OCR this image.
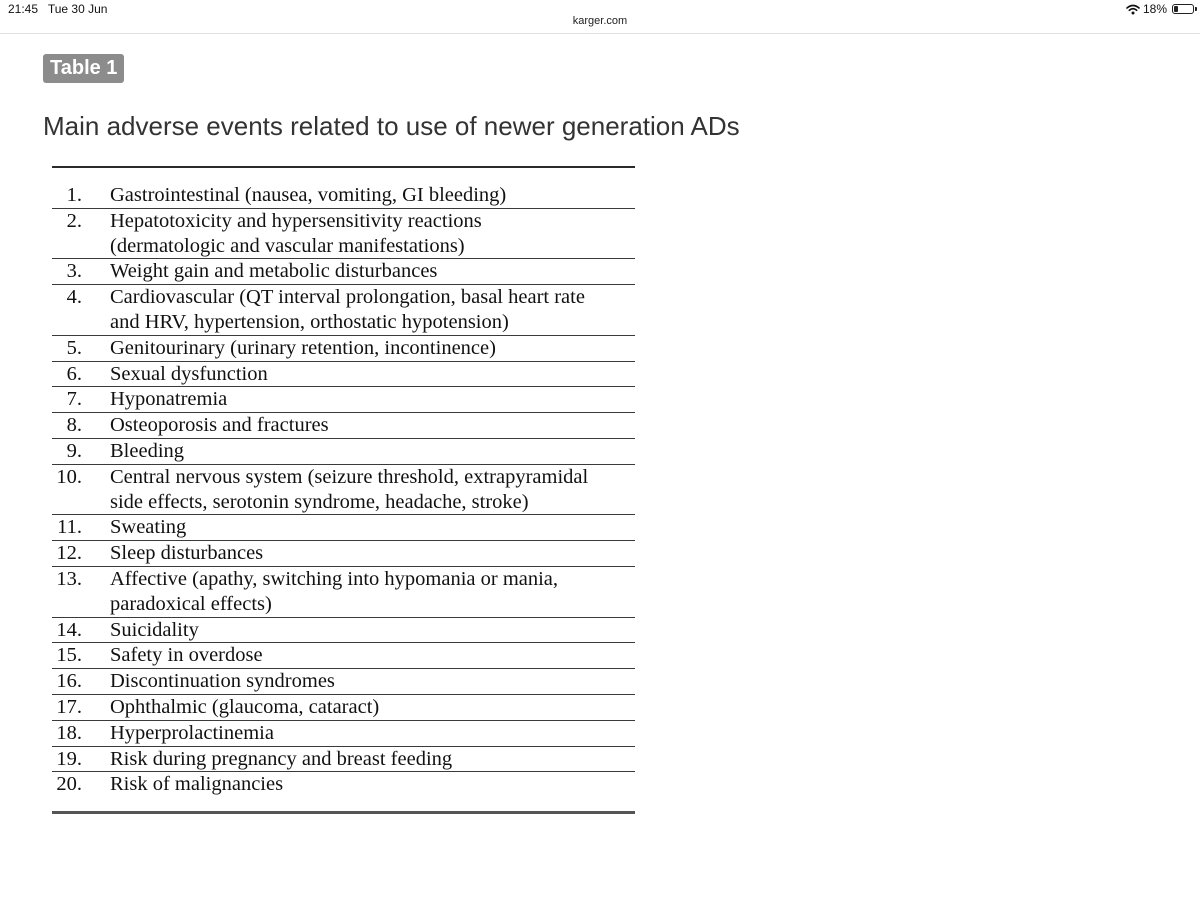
21:45 Tue 30 Jun	18%
karger.com
Table 1
Main adverse events related to use of newer generation ADs
1.	Gastrointestinal (nausea, vomiting, GI bleeding)

2.	Hepatotoxicity and hypersensitivity reactions
(dermatologic and vascular manifestations)

3.	Weight gain and metabolic disturbances

4.	Cardiovascular (QT interval prolongation, basal heart rate
and HRV, hypertension, orthostatic hypotension)

5.	Genitourinary (urinary retention, incontinence)

6.	Sexual dysfunction

7.	Hyponatremia

8.	Osteoporosis and fractures

9.	Bleeding

10.	Central nervous system (seizure threshold, extrapyramidal
side effects, serotonin syndrome, headache, stroke)

11.	Sweating

12.	Sleep disturbances

13.	Affective (apathy, switching into hypomania or mania,
paradoxical effects)

14.	Suicidality

15.	Safety in overdose

16.	Discontinuation syndromes

17.	Ophthalmic (glaucoma, cataract)

18.	Hyperprolactinemia

19.	Risk during pregnancy and breast feeding

20.	Risk of malignancies
